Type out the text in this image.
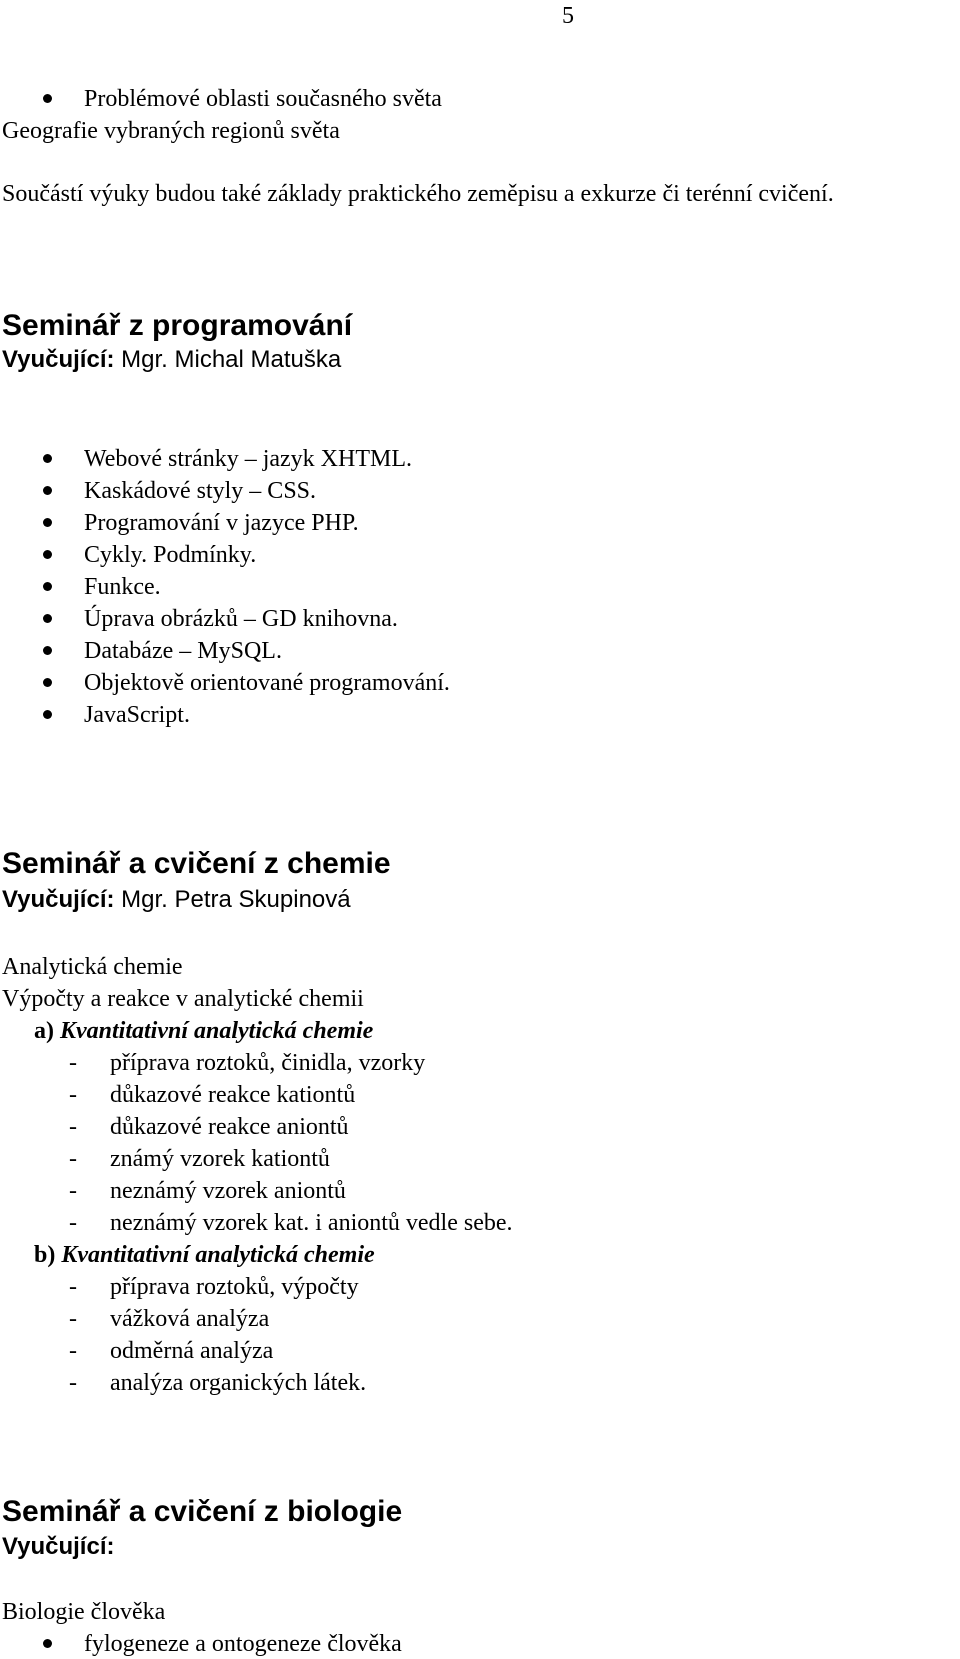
5
Problémové oblasti současného světa
Geografie vybraných regionů světa
Součástí výuky budou také základy praktického zeměpisu a exkurze či terénní cvičení.
Seminář z programování
Vyučující: Mgr. Michal Matuška
Webové stránky – jazyk XHTML.
Kaskádové styly – CSS.
Programování v jazyce PHP.
Cykly. Podmínky.
Funkce.
Úprava obrázků – GD knihovna.
Databáze – MySQL.
Objektově orientované programování.
JavaScript.
Seminář a cvičení z chemie
Vyučující: Mgr. Petra Skupinová
Analytická chemie
Výpočty a reakce v analytické chemii
a) Kvantitativní analytická chemie
- příprava roztoků, činidla, vzorky
- důkazové reakce kationtů
- důkazové reakce aniontů
- známý vzorek kationtů
- neznámý vzorek aniontů
- neznámý vzorek kat. i aniontů vedle sebe.
b) Kvantitativní analytická chemie
- příprava roztoků, výpočty
- vážková analýza
- odměrná analýza
- analýza organických látek.
Seminář a cvičení z biologie
Vyučující:
Biologie člověka
fylogeneze a ontogeneze člověka
